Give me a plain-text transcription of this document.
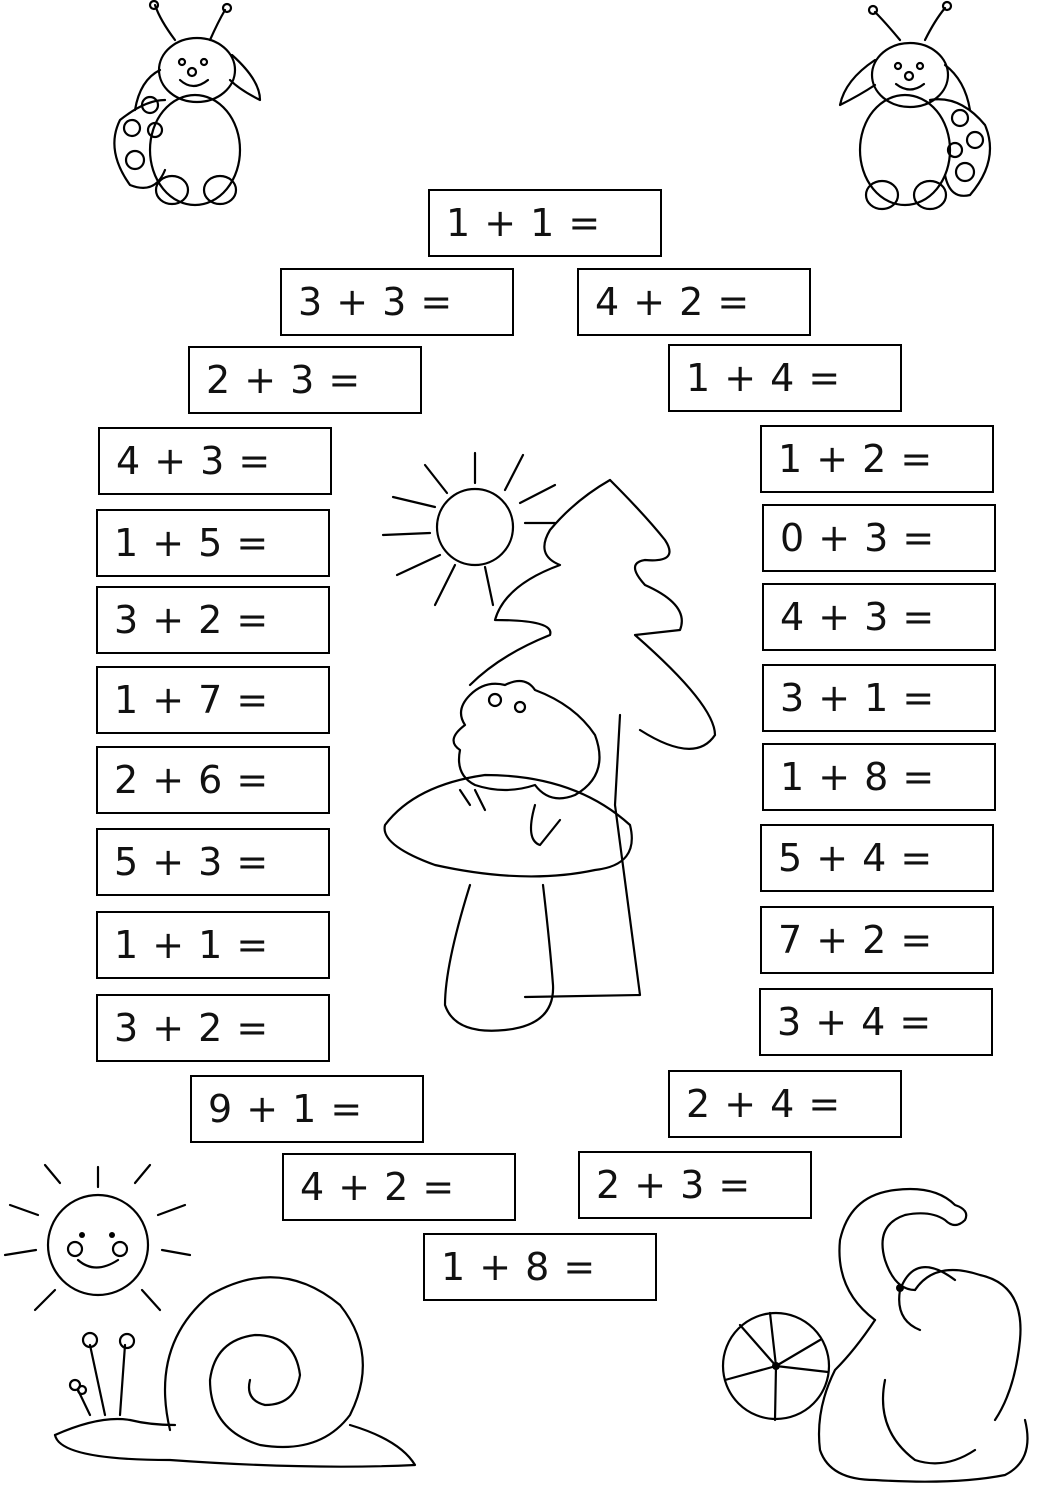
1 + 1 =
3 + 3 =	4 + 2 =
2 + 3 =	1 + 4 =
4 + 3 =	1 + 2 =
1 + 5 =	0 + 3 =
3 + 2 =	4 + 3 =
1 + 7 =	3 + 1 =
2 + 6 =	1 + 8 =
5 + 3 =	5 + 4 =
1 + 1 =	7 + 2 =
3 + 2 =	3 + 4 =
9 + 1 =	2 + 4 =
4 + 2 =	2 + 3 =
1 + 8 =
